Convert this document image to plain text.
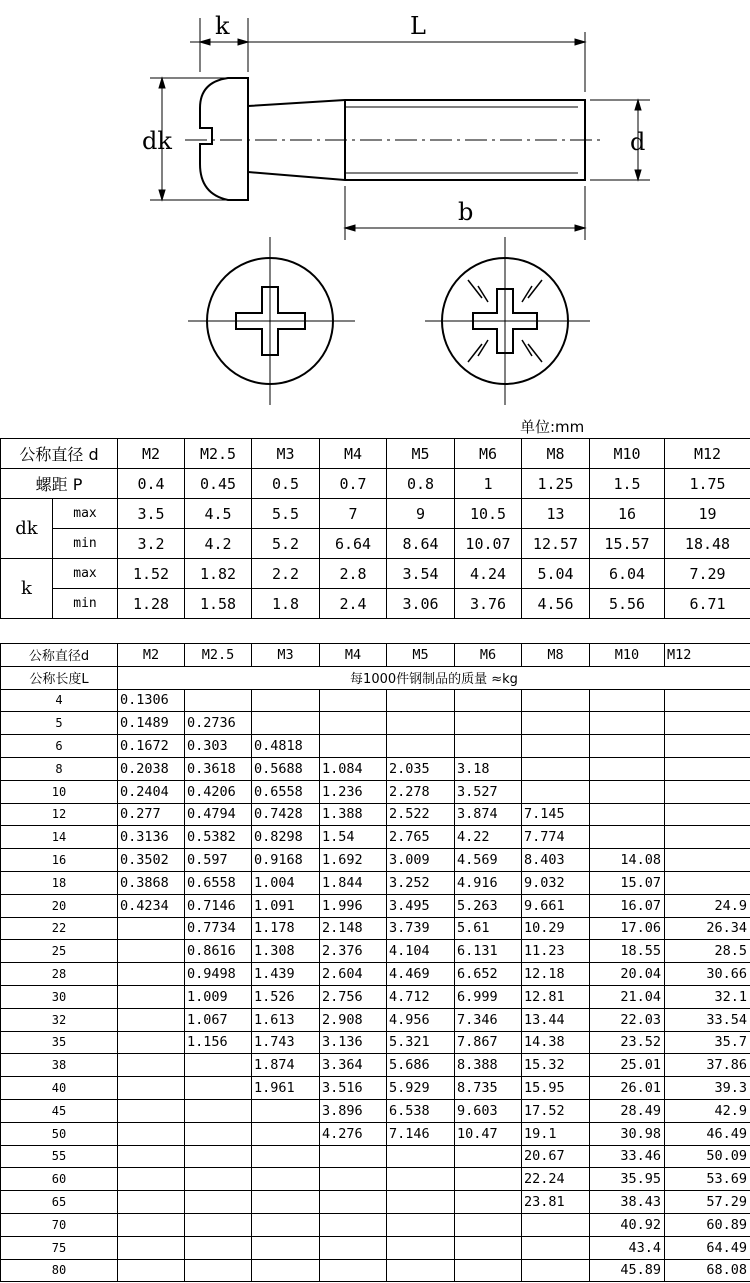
k	L
dk	d
b
单位:mm
公称直径 d		M2	M2.5	M3	M4	M5	M6	M8	M10	M12
螺距 P		0.4	0.45	0.5	0.7	0.8	1	1.25	1.5	1.75
dk	max	3.5	4.5	5.5	7	9	10.5	13	16	19
	min	3.2	4.2	5.2	6.64	8.64	10.07	12.57	15.57	18.48
k	max	1.52	1.82	2.2	2.8	3.54	4.24	5.04	6.04	7.29
	min	1.28	1.58	1.8	2.4	3.06	3.76	4.56	5.56	6.71
公称直径d	M2	M2.5	M3	M4	M5	M6	M8	M10	M12
公称长度L	每1000件钢制品的质量 ≈kg								
4	0.1306								
5	0.1489	0.2736							
6	0.1672	0.303	0.4818						
8	0.2038	0.3618	0.5688	1.084	2.035	3.18			
10	0.2404	0.4206	0.6558	1.236	2.278	3.527			
12	0.277	0.4794	0.7428	1.388	2.522	3.874	7.145		
14	0.3136	0.5382	0.8298	1.54	2.765	4.22	7.774		
16	0.3502	0.597	0.9168	1.692	3.009	4.569	8.403	14.08	
18	0.3868	0.6558	1.004	1.844	3.252	4.916	9.032	15.07	
20	0.4234	0.7146	1.091	1.996	3.495	5.263	9.661	16.07	24.9
22		0.7734	1.178	2.148	3.739	5.61	10.29	17.06	26.34
25		0.8616	1.308	2.376	4.104	6.131	11.23	18.55	28.5
28		0.9498	1.439	2.604	4.469	6.652	12.18	20.04	30.66
30		1.009	1.526	2.756	4.712	6.999	12.81	21.04	32.1
32		1.067	1.613	2.908	4.956	7.346	13.44	22.03	33.54
35		1.156	1.743	3.136	5.321	7.867	14.38	23.52	35.7
38			1.874	3.364	5.686	8.388	15.32	25.01	37.86
40			1.961	3.516	5.929	8.735	15.95	26.01	39.3
45				3.896	6.538	9.603	17.52	28.49	42.9
50				4.276	7.146	10.47	19.1	30.98	46.49
55							20.67	33.46	50.09
60							22.24	35.95	53.69
65							23.81	38.43	57.29
70								40.92	60.89
75								43.4	64.49
80								45.89	68.08
